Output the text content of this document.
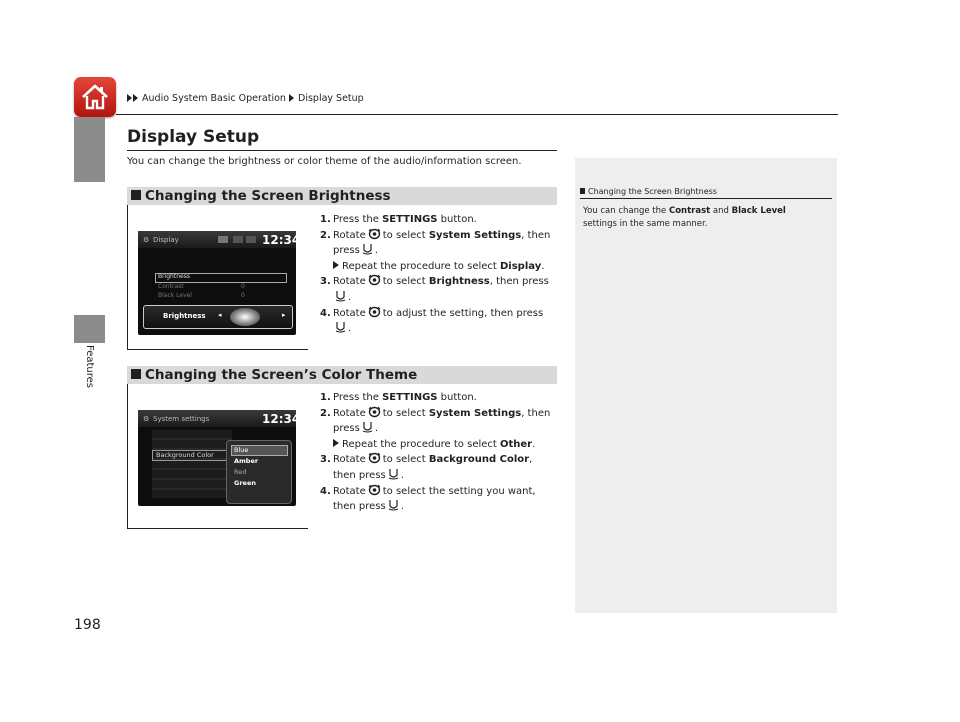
Features
198
Audio System Basic Operation Display Setup
Display Setup
You can change the brightness or color theme of the audio/information screen.
Changing the Screen Brightness
⚙ Display	12:34
Brightness
Contrast	0
Black Level	0
Brightness ◂	▸
1. Press the SETTINGS button.
2. Rotate to select System Settings, then
press .
Repeat the procedure to select Display.
3. Rotate to select Brightness, then press
.
4. Rotate to adjust the setting, then press
.
Changing the Screen’s Color Theme
⚙ System settings	12:34
Background Color
Blue
Amber
Red
Green
1. Press the SETTINGS button.
2. Rotate to select System Settings, then
press .
Repeat the procedure to select Other.
3. Rotate to select Background Color,
then press .
4. Rotate to select the setting you want,
then press .
Changing the Screen Brightness
You can change the Contrast and Black Level
settings in the same manner.
